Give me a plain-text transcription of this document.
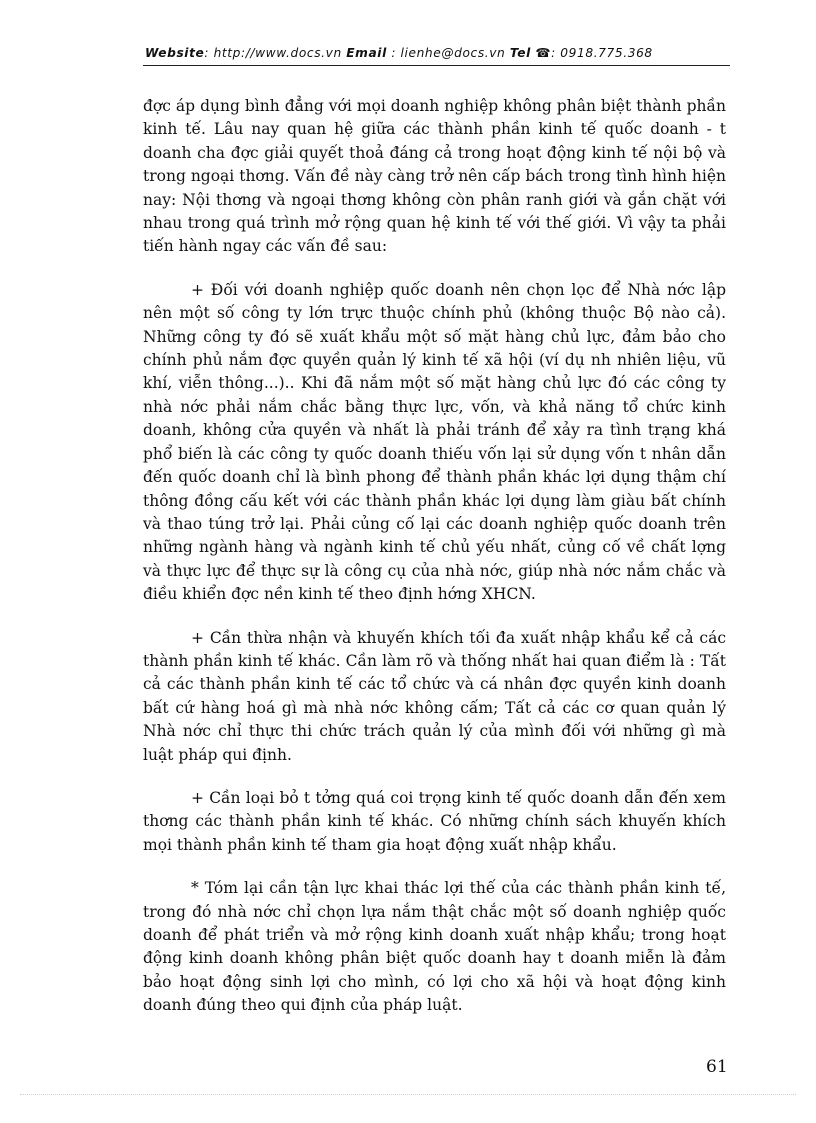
Website: http://www.docs.vn Email : lienhe@docs.vn Tel ☎: 0918.775.368

đợc áp dụng bình đẳng với mọi doanh nghiệp không phân biệt thành phần kinh tế. Lâu nay quan hệ giữa các thành phần kinh tế quốc doanh - t doanh cha đợc giải quyết thoả đáng cả trong hoạt động kinh tế nội bộ và trong ngoại thơng. Vấn đề này càng trở nên cấp bách trong tình hình hiện nay: Nội thơng và ngoại thơng không còn phân ranh giới và gắn chặt với nhau trong quá trình mở rộng quan hệ kinh tế với thế giới. Vì vậy ta phải tiến hành ngay các vấn đề sau:

+ Đối với doanh nghiệp quốc doanh nên chọn lọc để Nhà nớc lập nên một số công ty lớn trực thuộc chính phủ (không thuộc Bộ nào cả). Những công ty đó sẽ xuất khẩu một số mặt hàng chủ lực, đảm bảo cho chính phủ nắm đợc quyền quản lý kinh tế xã hội (ví dụ nh nhiên liệu, vũ khí, viễn thông...).. Khi đã nắm một số mặt hàng chủ lực đó các công ty nhà nớc phải nắm chắc bằng thực lực, vốn, và khả năng tổ chức kinh doanh, không cửa quyền và nhất là phải tránh để xảy ra tình trạng khá phổ biến là các công ty quốc doanh thiếu vốn lại sử dụng vốn t nhân dẫn đến quốc doanh chỉ là bình phong để thành phần khác lợi dụng thậm chí thông đồng cấu kết với các thành phần khác lợi dụng làm giàu bất chính và thao túng trở lại. Phải củng cố lại các doanh nghiệp quốc doanh trên những ngành hàng và ngành kinh tế chủ yếu nhất, củng cố về chất lợng và thực lực để thực sự là công cụ của nhà nớc, giúp nhà nớc nắm chắc và điều khiển đợc nền kinh tế theo định hớng XHCN.

+ Cần thừa nhận và khuyến khích tối đa xuất nhập khẩu kể cả các thành phần kinh tế khác. Cần làm rõ và thống nhất hai quan điểm là : Tất cả các thành phần kinh tế các tổ chức và cá nhân đợc quyền kinh doanh bất cứ hàng hoá gì mà nhà nớc không cấm; Tất cả các cơ quan quản lý Nhà nớc chỉ thực thi chức trách quản lý của mình đối với những gì mà luật pháp qui định.

+ Cần loại bỏ t tởng quá coi trọng kinh tế quốc doanh dẫn đến xem thơng các thành phần kinh tế khác. Có những chính sách khuyến khích mọi thành phần kinh tế tham gia hoạt động xuất nhập khẩu.

* Tóm lại cần tận lực khai thác lợi thế của các thành phần kinh tế, trong đó nhà nớc chỉ chọn lựa nắm thật chắc một số doanh nghiệp quốc doanh để phát triển và mở rộng kinh doanh xuất nhập khẩu; trong hoạt động kinh doanh không phân biệt quốc doanh hay t doanh miễn là đảm bảo hoạt động sinh lợi cho mình, có lợi cho xã hội và hoạt động kinh doanh đúng theo qui định của pháp luật.

61
